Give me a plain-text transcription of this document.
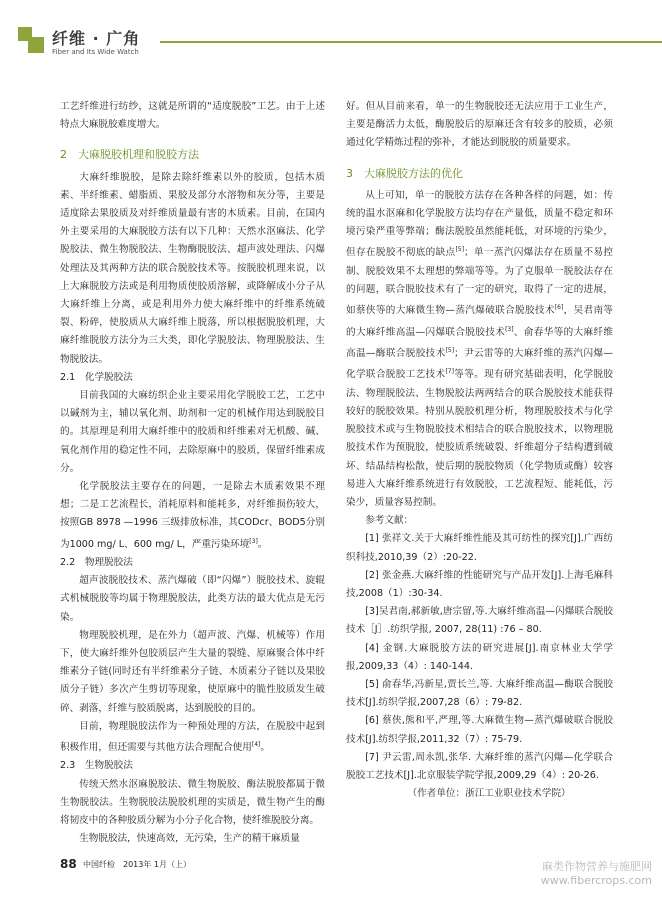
纤维 · 广角
Fiber and Its Wide Watch

工艺纤维进行纺纱，这就是所谓的“适度脱胶”工艺。由于上述特点大麻脱胶难度增大。

2　大麻脱胶机理和脱胶方法

大麻纤维脱胶，是除去除纤维素以外的胶质，包括木质素、半纤维素、蜡脂质、果胶及部分水溶物和灰分等，主要是适度除去果胶质及对纤维质量最有害的木质素。目前，在国内外主要采用的大麻脱胶方法有以下几种：天然水沤麻法、化学脱胶法、微生物脱胶法、生物酶脱胶法、超声波处理法、闪爆处理法及其两种方法的联合脱胶技术等。按脱胶机理来说，以上大麻脱胶方法或是利用物质使胶质溶解，或降解成小分子从大麻纤维上分离，或是利用外力使大麻纤维中的纤维系统破裂、粉碎，使胶质从大麻纤维上脱落，所以根据脱胶机理，大麻纤维脱胶方法分为三大类，即化学脱胶法、物理脱胶法、生物脱胶法。

2.1　化学脱胶法

目前我国的大麻纺织企业主要采用化学脱胶工艺，工艺中以碱剂为主，辅以氧化剂、助剂和一定的机械作用达到脱胶目的。其原理是利用大麻纤维中的胶质和纤维素对无机酸、碱、氧化剂作用的稳定性不同，去除原麻中的胶质，保留纤维素成分。

化学脱胶法主要存在的问题，一是除去木质素效果不理想；二是工艺流程长，消耗原料和能耗多，对纤维损伤较大，按照GB 8978 —1996 三级排放标准，其CODcr、BOD5分别为1000 mg/ L、600 mg/ L，严重污染环境[3]。

2.2　物理脱胶法

超声波脱胶技术、蒸汽爆破（即“闪爆”）脱胶技术、旋辊式机械脱胶等均属于物理脱胶法，此类方法的最大优点是无污染。

物理脱胶机理，是在外力（超声波、汽爆、机械等）作用下，使大麻纤维外包胶质层产生大量的裂缝、原麻聚合体中纤维素分子链(同时还有半纤维素分子链、木质素分子链以及果胶质分子链）多次产生剪切等现象，使原麻中的脆性胶质发生破碎、剥落，纤维与胶质脱离，达到脱胶的目的。

目前，物理脱胶法作为一种预处理的方法，在脱胶中起到积极作用，但还需要与其他方法合理配合使用[4]。

2.3　生物脱胶法

传统天然水沤麻脱胶法、微生物脱胶、酶法脱胶都属于微生物脱胶法。生物脱胶法脱胶机理的实质是，微生物产生的酶将韧皮中的各种胶质分解为小分子化合物，使纤维脱胶分离。

生物脱胶法，快速高效，无污染，生产的精干麻质量

好。但从目前来看，单一的生物脱胶还无法应用于工业生产，主要是酶活力太低，酶脱胶后的原麻还含有较多的胶质，必须通过化学精炼过程的弥补，才能达到脱胶的质量要求。

3　大麻脱胶方法的优化

从上可知，单一的脱胶方法存在各种各样的问题，如：传统的温水沤麻和化学脱胶方法均存在产量低，质量不稳定和环境污染严重等弊端；酶法脱胶虽然能耗低，对环境的污染少，但存在脱胶不彻底的缺点[5]；单一蒸汽闪爆法存在质量不易控制、脱胶效果不太理想的弊端等等。为了克服单一脱胶法存在的问题，联合脱胶技术有了一定的研究，取得了一定的进展，如蔡侠等的大麻微生物—蒸汽爆破联合脱胶技术[6]，吴君南等的大麻纤维高温—闪爆联合脱胶技术[3]、俞春华等的大麻纤维高温—酶联合脱胶技术[5]；尹云雷等的大麻纤维的蒸汽闪爆—化学联合脱胶工艺技术[7]等等。现有研究基础表明，化学脱胶法、物理脱胶法、生物脱胶法两两结合的联合脱胶技术能获得较好的脱胶效果。特别从脱胶机理分析，物理脱胶技术与化学脱胶技术或与生物脱胶技术相结合的联合脱胶技术，以物理脱胶技术作为预脱胶，使胶质系统破裂、纤维超分子结构遭到破坏、结晶结构松散，使后期的脱胶物质（化学物质或酶）较容易进入大麻纤维系统进行有效脱胶，工艺流程短、能耗低，污染少，质量容易控制。

参考文献：

[1] 张祥文.关于大麻纤维性能及其可纺性的探究[J].广西纺织科技,2010,39（2）:20-22.

[2] 张金燕.大麻纤维的性能研究与产品开发[J].上海毛麻科技,2008（1）:30-34.

[3]吴君南,郝新敏,唐宗留,等.大麻纤维高温—闪爆联合脱胶技术［J］.纺织学报, 2007, 28(11) :76 – 80.

[4] 金钢.大麻脱胶方法的研究进展[J].南京林业大学学报,2009,33（4）: 140-144.

[5] 俞春华,冯新星,贾长兰,等. 大麻纤维高温—酶联合脱胶技术[J].纺织学报,2007,28（6）: 79-82.

[6] 蔡侠,熊和平,严理,等.大麻微生物—蒸汽爆破联合脱胶技术[J].纺织学报,2011,32（7）: 75-79.

[7] 尹云雷,周永凯,张华. 大麻纤维的蒸汽闪爆—化学联合脱胶工艺技术[J].北京服装学院学报,2009,29（4）: 20-26.

（作者单位：浙江工业职业技术学院）

88 中国纤检　2013年 1月（上）	麻类作物营养与施肥网
www.fibercrops.com
